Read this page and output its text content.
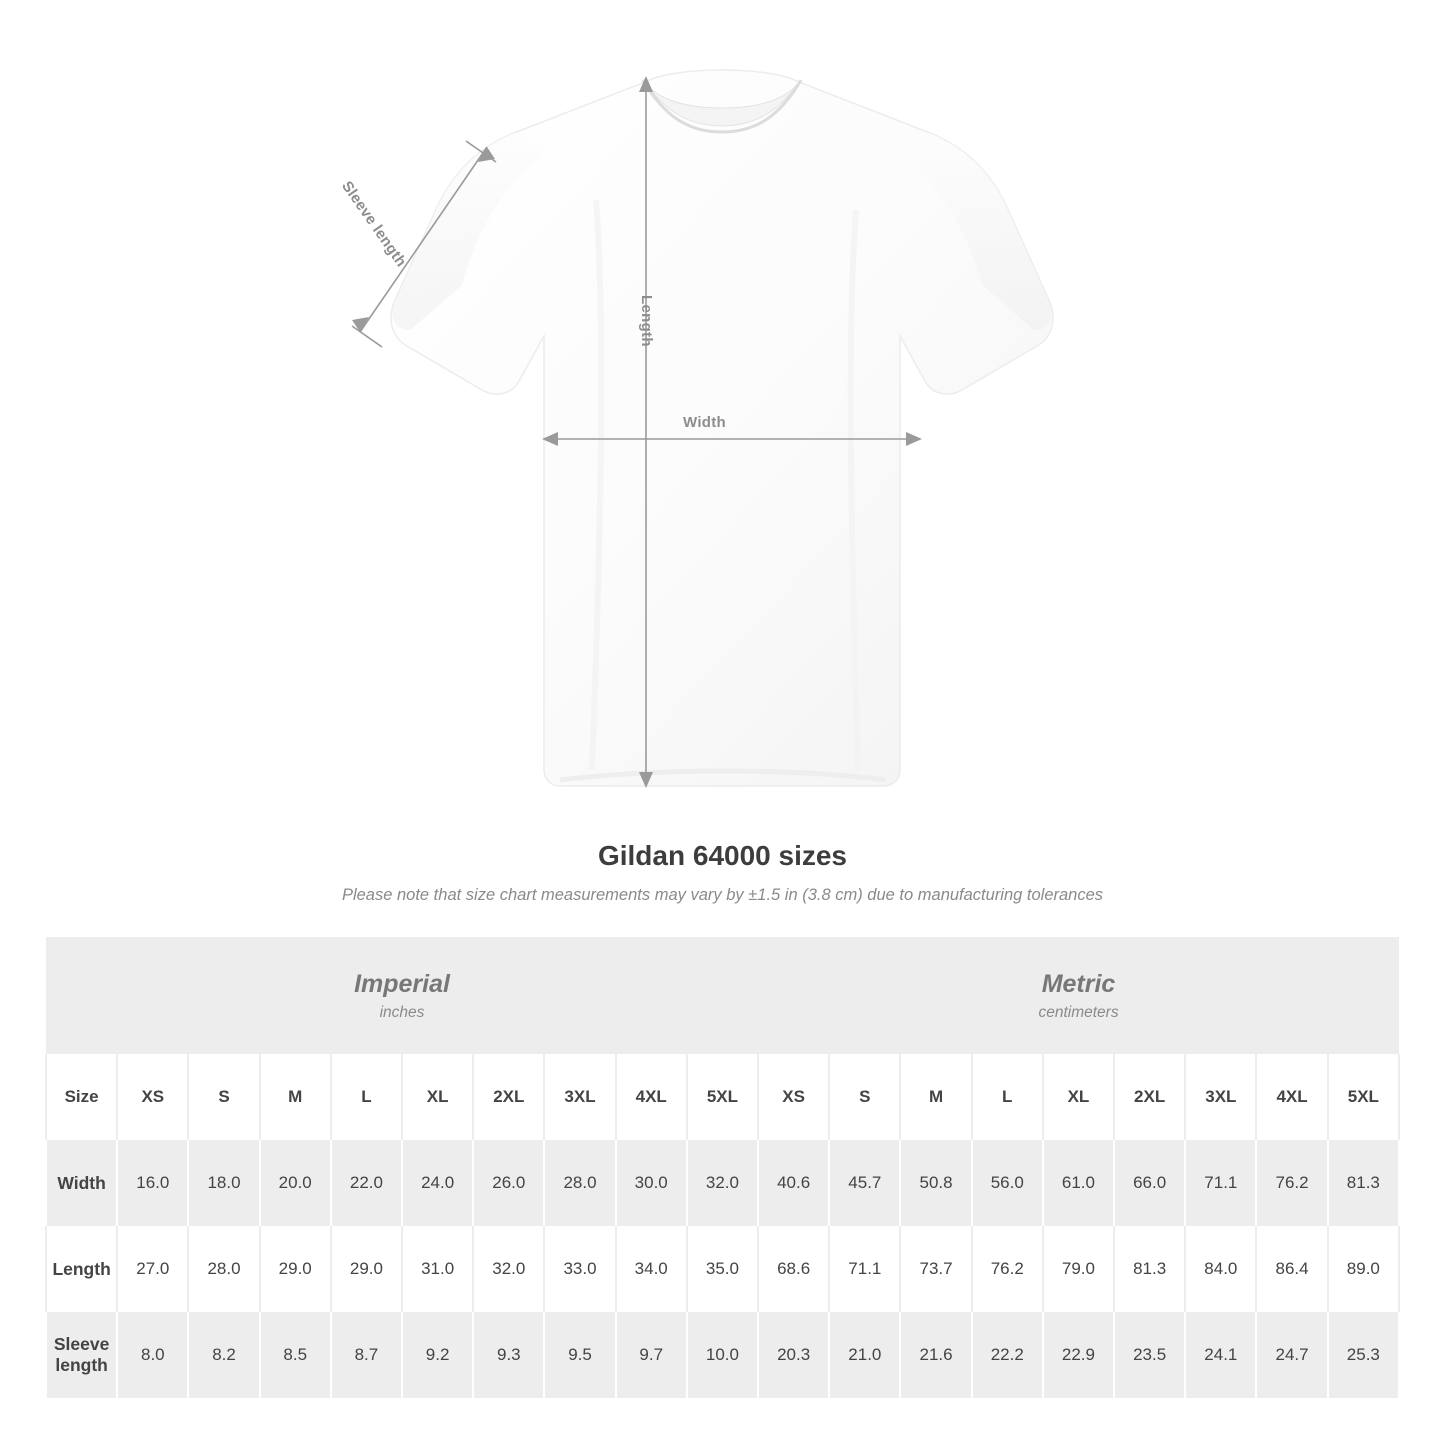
Sleeve length
Length
Width
Gildan 64000 sizes

Please note that size chart measurements may vary by ±1.5 in (3.8 cm) due to manufacturing tolerances

Imperial
inches										Metric
centimeters								

Size	XS	S	M	L	XL	2XL	3XL	4XL	5XL	XS	S	M	L	XL	2XL	3XL	4XL	5XL
Width	16.0	18.0	20.0	22.0	24.0	26.0	28.0	30.0	32.0	40.6	45.7	50.8	56.0	61.0	66.0	71.1	76.2	81.3
Length	27.0	28.0	29.0	29.0	31.0	32.0	33.0	34.0	35.0	68.6	71.1	73.7	76.2	79.0	81.3	84.0	86.4	89.0
Sleeve length	8.0	8.2	8.5	8.7	9.2	9.3	9.5	9.7	10.0	20.3	21.0	21.6	22.2	22.9	23.5	24.1	24.7	25.3
